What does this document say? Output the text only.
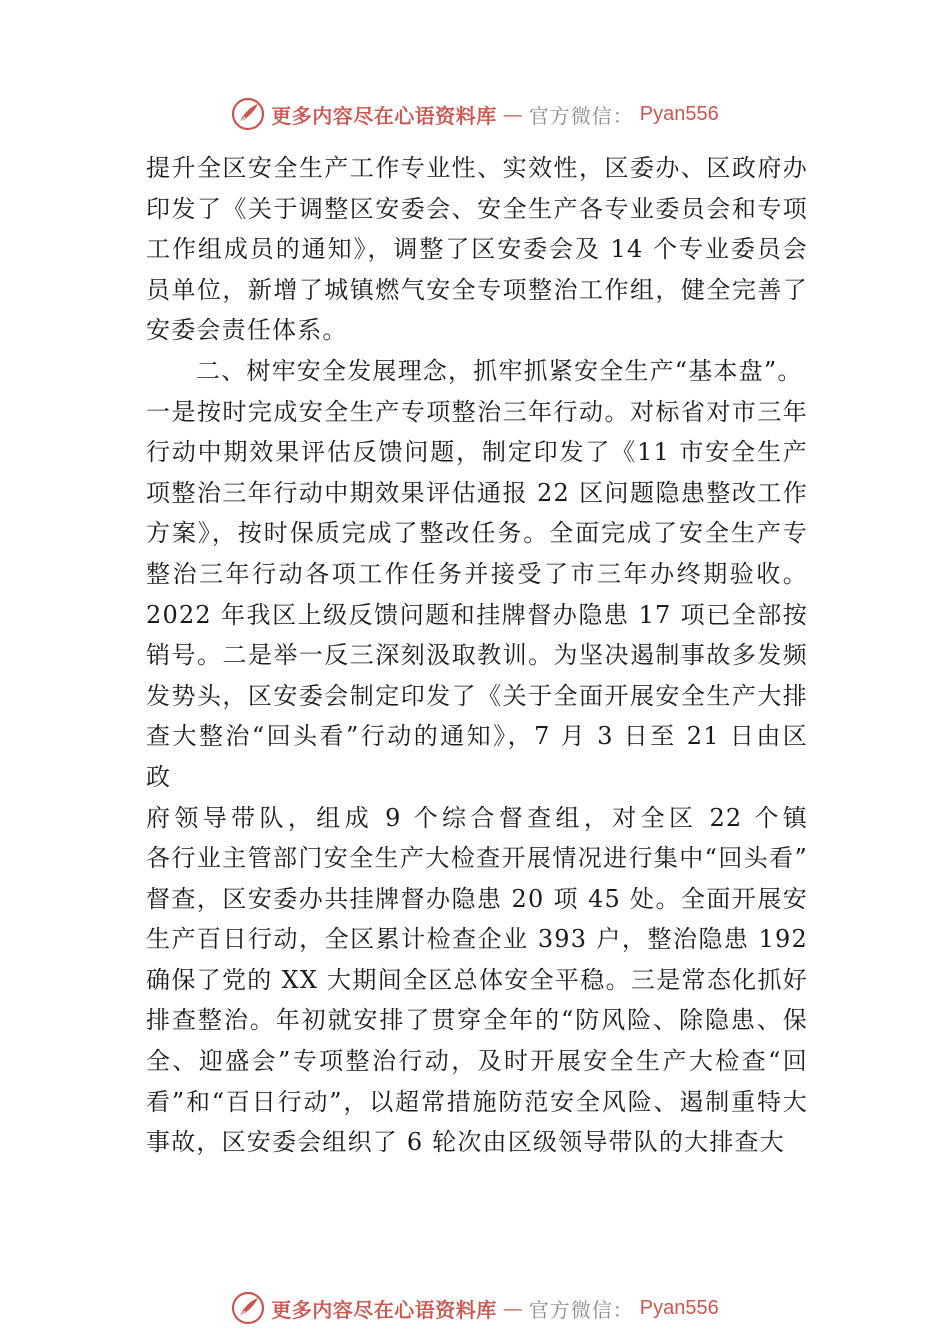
更多内容尽在心语资料库 — 官方微信： Pyan556
提升全区安全生产工作专业性、实效性，区委办、区政府办
印发了《关于调整区安委会、安全生产各专业委员会和专项
工作组成员的通知》，调整了区安委会及 14 个专业委员会
员单位，新增了城镇燃气安全专项整治工作组，健全完善了
安委会责任体系。
二、树牢安全发展理念，抓牢抓紧安全生产“基本盘”。
一是按时完成安全生产专项整治三年行动。对标省对市三年
行动中期效果评估反馈问题，制定印发了《11 市安全生产
项整治三年行动中期效果评估通报 22 区问题隐患整改工作
方案》，按时保质完成了整改任务。全面完成了安全生产专
整治三年行动各项工作任务并接受了市三年办终期验收。
2022 年我区上级反馈问题和挂牌督办隐患 17 项已全部按
销号。二是举一反三深刻汲取教训。为坚决遏制事故多发频
发势头，区安委会制定印发了《关于全面开展安全生产大排
查大整治“回头看”行动的通知》，7 月 3 日至 21 日由区
政
府领导带队，组成 9 个综合督查组，对全区 22 个镇
各行业主管部门安全生产大检查开展情况进行集中“回头看”
督查，区安委办共挂牌督办隐患 20 项 45 处。全面开展安
生产百日行动，全区累计检查企业 393 户，整治隐患 192
确保了党的 XX 大期间全区总体安全平稳。三是常态化抓好
排查整治。年初就安排了贯穿全年的“防风险、除隐患、保
全、迎盛会”专项整治行动，及时开展安全生产大检查“回
看”和“百日行动”，以超常措施防范安全风险、遏制重特大
事故，区安委会组织了 6 轮次由区级领导带队的大排查大
更多内容尽在心语资料库 — 官方微信： Pyan556
